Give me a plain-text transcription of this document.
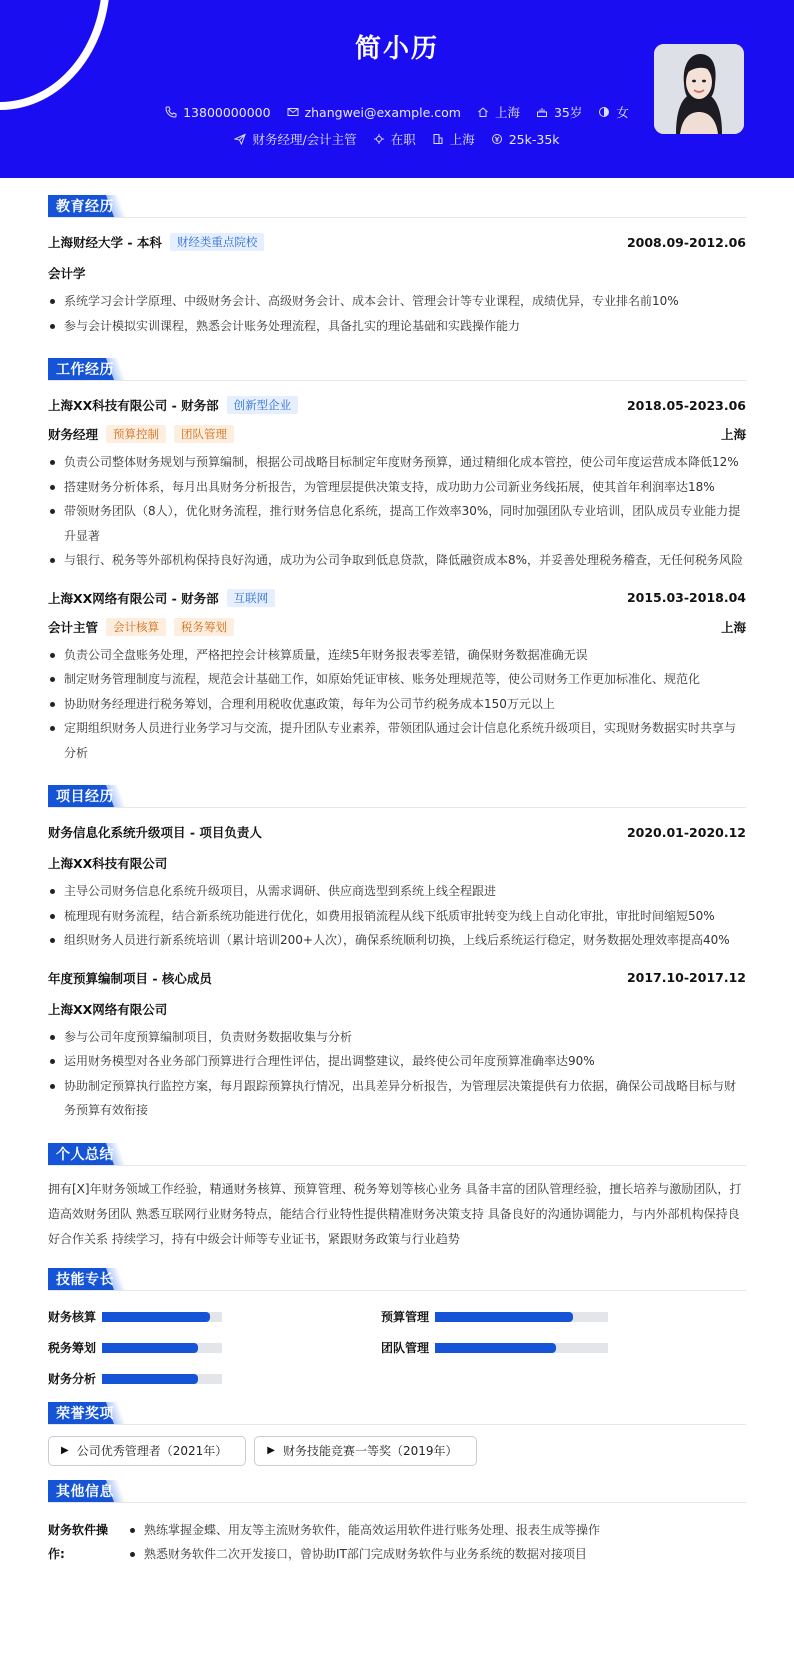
简小历
13800000000	zhangwei@example.com	上海	35岁	女
财务经理/会计主管	在职	上海	25k-35k
教育经历
上海财经大学 - 本科	财经类重点院校	2008.09-2012.06
会计学
系统学习会计学原理、中级财务会计、高级财务会计、成本会计、管理会计等专业课程，成绩优异，专业排名前10%
参与会计模拟实训课程，熟悉会计账务处理流程，具备扎实的理论基础和实践操作能力
工作经历
上海XX科技有限公司 - 财务部	创新型企业	2018.05-2023.06
财务经理	预算控制	团队管理	上海
负责公司整体财务规划与预算编制，根据公司战略目标制定年度财务预算，通过精细化成本管控，使公司年度运营成本降低12%
搭建财务分析体系，每月出具财务分析报告，为管理层提供决策支持，成功助力公司新业务线拓展，使其首年利润率达18%
带领财务团队（8人），优化财务流程，推行财务信息化系统，提高工作效率30%，同时加强团队专业培训，团队成员专业能力提升显著
与银行、税务等外部机构保持良好沟通，成功为公司争取到低息贷款，降低融资成本8%，并妥善处理税务稽查，无任何税务风险
上海XX网络有限公司 - 财务部	互联网	2015.03-2018.04
会计主管	会计核算	税务筹划	上海
负责公司全盘账务处理，严格把控会计核算质量，连续5年财务报表零差错，确保财务数据准确无误
制定财务管理制度与流程，规范会计基础工作，如原始凭证审核、账务处理规范等，使公司财务工作更加标准化、规范化
协助财务经理进行税务筹划，合理利用税收优惠政策，每年为公司节约税务成本150万元以上
定期组织财务人员进行业务学习与交流，提升团队专业素养，带领团队通过会计信息化系统升级项目，实现财务数据实时共享与分析
项目经历
财务信息化系统升级项目 - 项目负责人	2020.01-2020.12
上海XX科技有限公司
主导公司财务信息化系统升级项目，从需求调研、供应商选型到系统上线全程跟进
梳理现有财务流程，结合新系统功能进行优化，如费用报销流程从线下纸质审批转变为线上自动化审批，审批时间缩短50%
组织财务人员进行新系统培训（累计培训200+人次），确保系统顺利切换，上线后系统运行稳定，财务数据处理效率提高40%
年度预算编制项目 - 核心成员	2017.10-2017.12
上海XX网络有限公司
参与公司年度预算编制项目，负责财务数据收集与分析
运用财务模型对各业务部门预算进行合理性评估，提出调整建议，最终使公司年度预算准确率达90%
协助制定预算执行监控方案，每月跟踪预算执行情况，出具差异分析报告，为管理层决策提供有力依据，确保公司战略目标与财务预算有效衔接
个人总结
拥有[X]年财务领域工作经验，精通财务核算、预算管理、税务筹划等核心业务 具备丰富的团队管理经验，擅长培养与激励团队，打造高效财务团队 熟悉互联网行业财务特点，能结合行业特性提供精准财务决策支持 具备良好的沟通协调能力，与内外部机构保持良好合作关系 持续学习，持有中级会计师等专业证书，紧跟财务政策与行业趋势
技能专长
财务核算	预算管理
税务筹划	团队管理
财务分析
荣誉奖项
▶ 公司优秀管理者（2021年）	▶ 财务技能竞赛一等奖（2019年）
其他信息
财务软件操作:
熟练掌握金蝶、用友等主流财务软件，能高效运用软件进行账务处理、报表生成等操作
熟悉财务软件二次开发接口，曾协助IT部门完成财务软件与业务系统的数据对接项目
